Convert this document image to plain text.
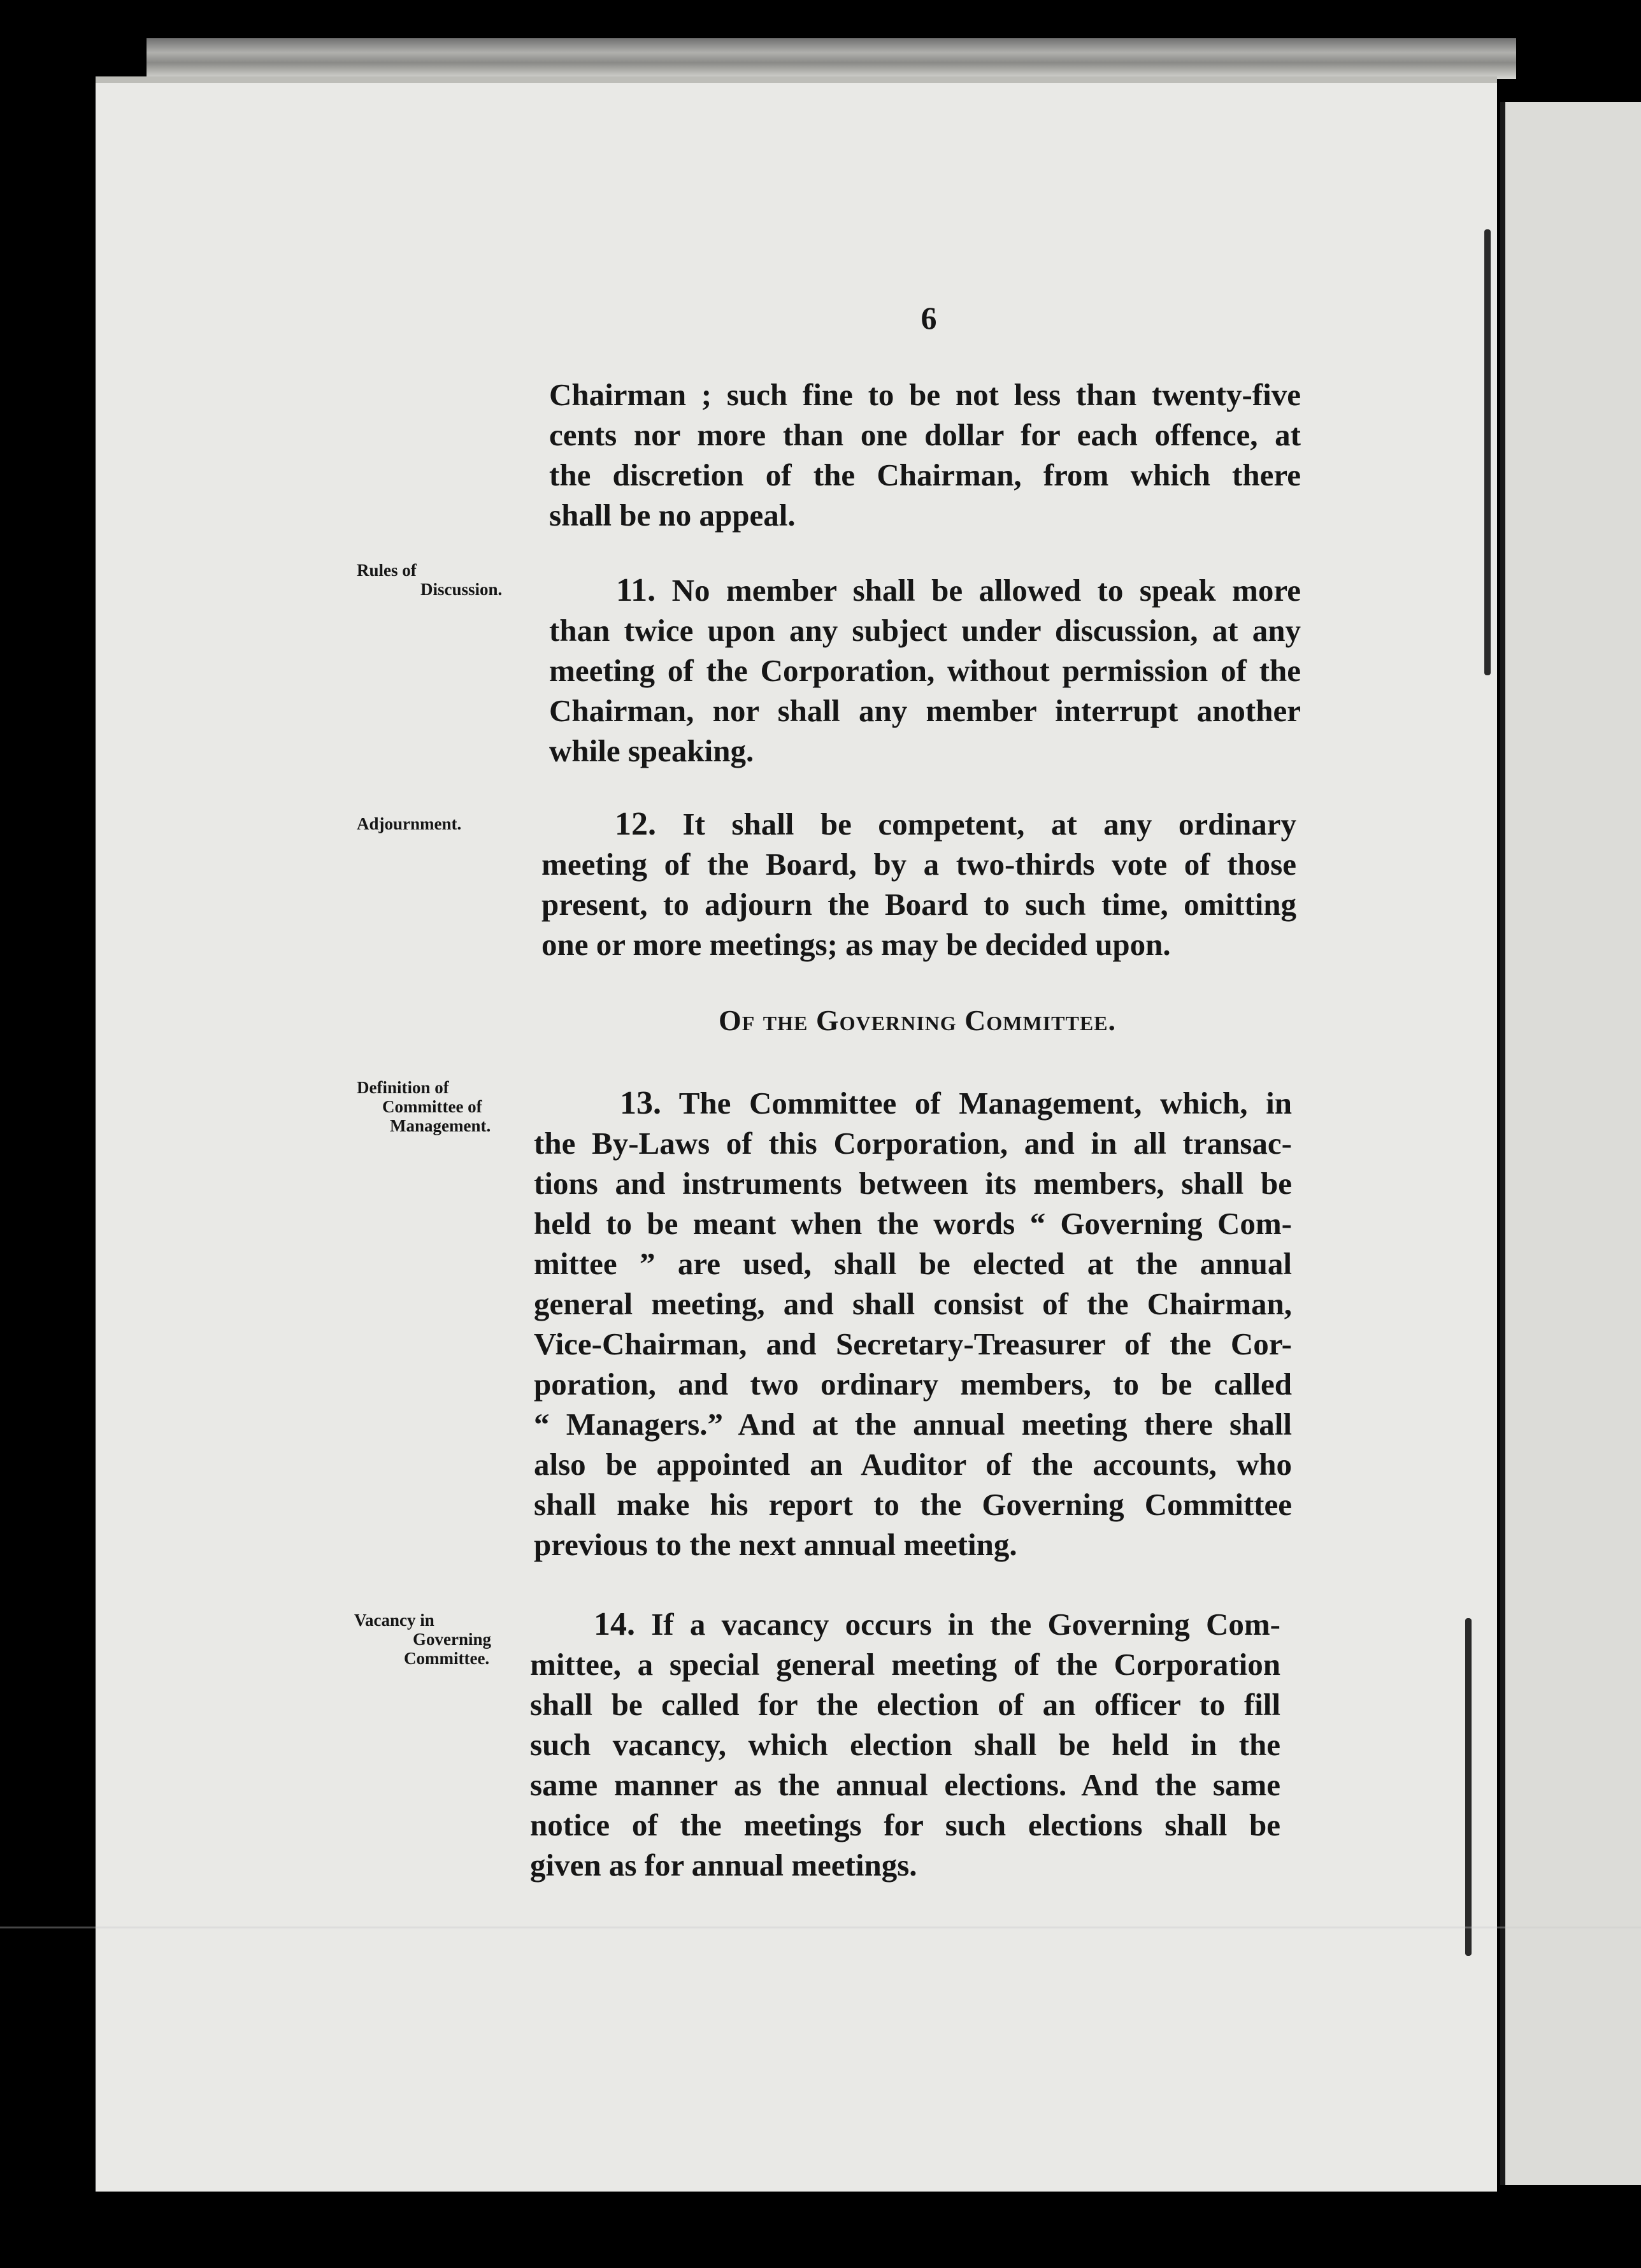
6
Chairman ; such fine to be not less than twenty-five
cents nor more than one dollar for each offence, at
the discretion of the Chairman, from which there
shall be no appeal.
Rules of
Discussion.	11. No member shall be allowed to speak more
than twice upon any subject under discussion, at any
meeting of the Corporation, without permission of the
Chairman, nor shall any member interrupt another
while speaking.
Adjournment.	12. It shall be competent, at any ordinary
meeting of the Board, by a two-thirds vote of those
present, to adjourn the Board to such time, omitting
one or more meetings; as may be decided upon.
Of the Governing Committee.
Definition of
Committee of
Management.
13. The Committee of Management, which, in
the By-Laws of this Corporation, and in all transac-
tions and instruments between its members, shall be
held to be meant when the words “ Governing Com-
mittee ” are used, shall be elected at the annual
general meeting, and shall consist of the Chairman,
Vice-Chairman, and Secretary-Treasurer of the Cor-
poration, and two ordinary members, to be called
“ Managers.” And at the annual meeting there shall
also be appointed an Auditor of the accounts, who
shall make his report to the Governing Committee
previous to the next annual meeting.
Vacancy in
Governing
Committee.
14. If a vacancy occurs in the Governing Com-
mittee, a special general meeting of the Corporation
shall be called for the election of an officer to fill
such vacancy, which election shall be held in the
same manner as the annual elections. And the same
notice of the meetings for such elections shall be
given as for annual meetings.
